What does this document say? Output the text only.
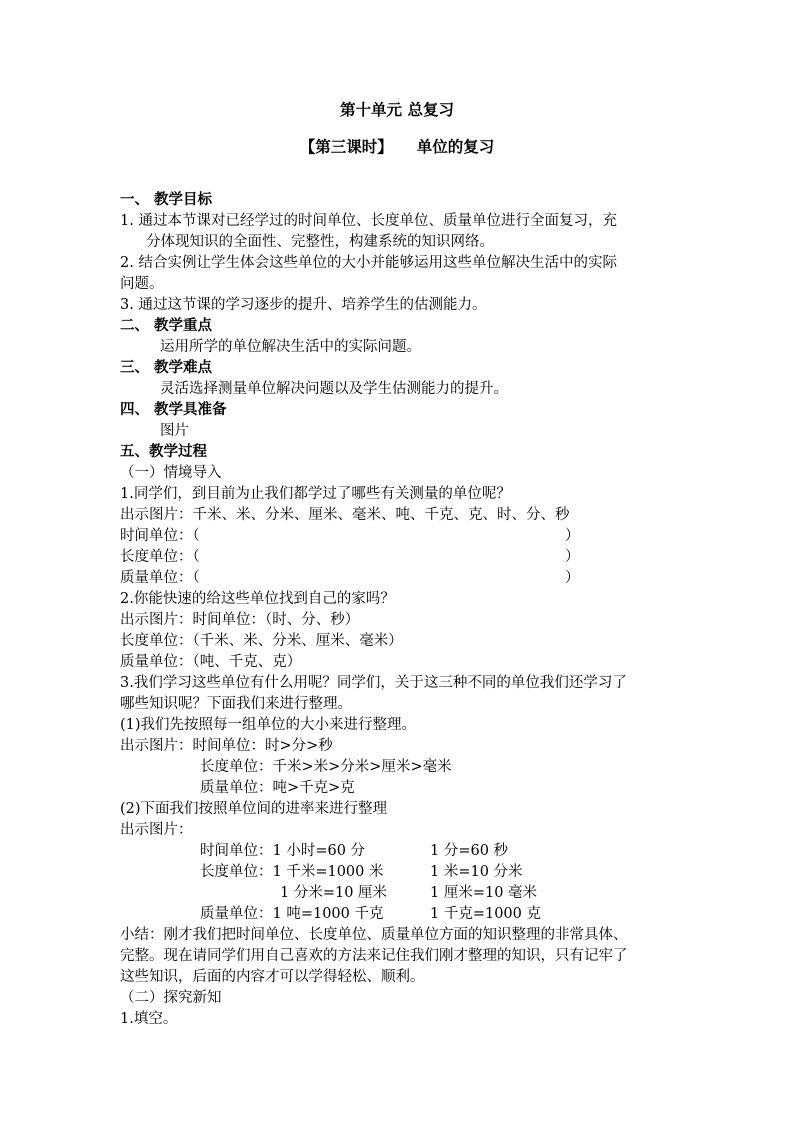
第十单元 总复习
【第三课时】 单位的复习
一、 教学目标
1. 通过本节课对已经学过的时间单位、长度单位、质量单位进行全面复习，充
分体现知识的全面性、完整性，构建系统的知识网络。
2. 结合实例让学生体会这些单位的大小并能够运用这些单位解决生活中的实际
问题。
3. 通过这节课的学习逐步的提升、培养学生的估测能力。
二、 教学重点
运用所学的单位解决生活中的实际问题。
三、 教学难点
灵活选择测量单位解决问题以及学生估测能力的提升。
四、 教学具准备
图片
五、教学过程
（一）情境导入
1.同学们，到目前为止我们都学过了哪些有关测量的单位呢？
出示图片：千米、米、分米、厘米、毫米、吨、千克、克、时、分、秒
时间单位：（	）
长度单位：（	）
质量单位：（	）
2.你能快速的给这些单位找到自己的家吗？
出示图片：时间单位：（时、分、秒）
长度单位：（千米、米、分米、厘米、毫米）
质量单位：（吨、千克、克）
3.我们学习这些单位有什么用呢？同学们，关于这三种不同的单位我们还学习了
哪些知识呢？下面我们来进行整理。
(1)我们先按照每一组单位的大小来进行整理。
出示图片：时间单位：时>分>秒
长度单位：千米>米>分米>厘米>毫米
质量单位：吨>千克>克
(2)下面我们按照单位间的进率来进行整理
出示图片：
时间单位：1 小时=60 分	1 分=60 秒
长度单位：1 千米=1000 米	1 米=10 分米
1 分米=10 厘米	1 厘米=10 毫米
质量单位：1 吨=1000 千克	1 千克=1000 克
小结：刚才我们把时间单位、长度单位、质量单位方面的知识整理的非常具体、
完整。现在请同学们用自己喜欢的方法来记住我们刚才整理的知识，只有记牢了
这些知识，后面的内容才可以学得轻松、顺利。
（二）探究新知
1.填空。
